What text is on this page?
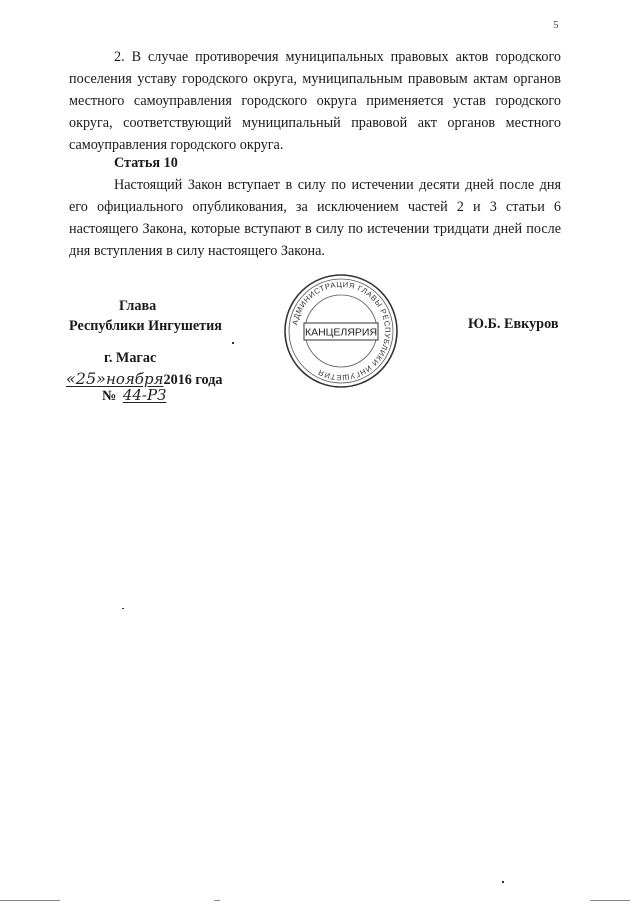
5

2. В случае противоречия муниципальных правовых актов городского поселения уставу городского округа, муниципальным правовым актам органов местного самоуправления городского округа применяется устав городского округа, соответствующий муниципальный правовой акт органов местного самоуправления городского округа.

Статья 10

Настоящий Закон вступает в силу по истечении десяти дней после дня его официального опубликования, за исключением частей 2 и 3 статьи 6 настоящего Закона, которые вступают в силу по истечении тридцати дней после дня вступления в силу настоящего Закона.

Глава
Республики Ингушетия	Ю.Б. Евкуров
АДМИНИСТРАЦИЯ ГЛАВЫ РЕСПУБЛИКИ ИНГУШЕТИЯ
КАНЦЕЛЯРИЯ
г. Магас
«25»ноября2016 года
№ 44-РЗ
